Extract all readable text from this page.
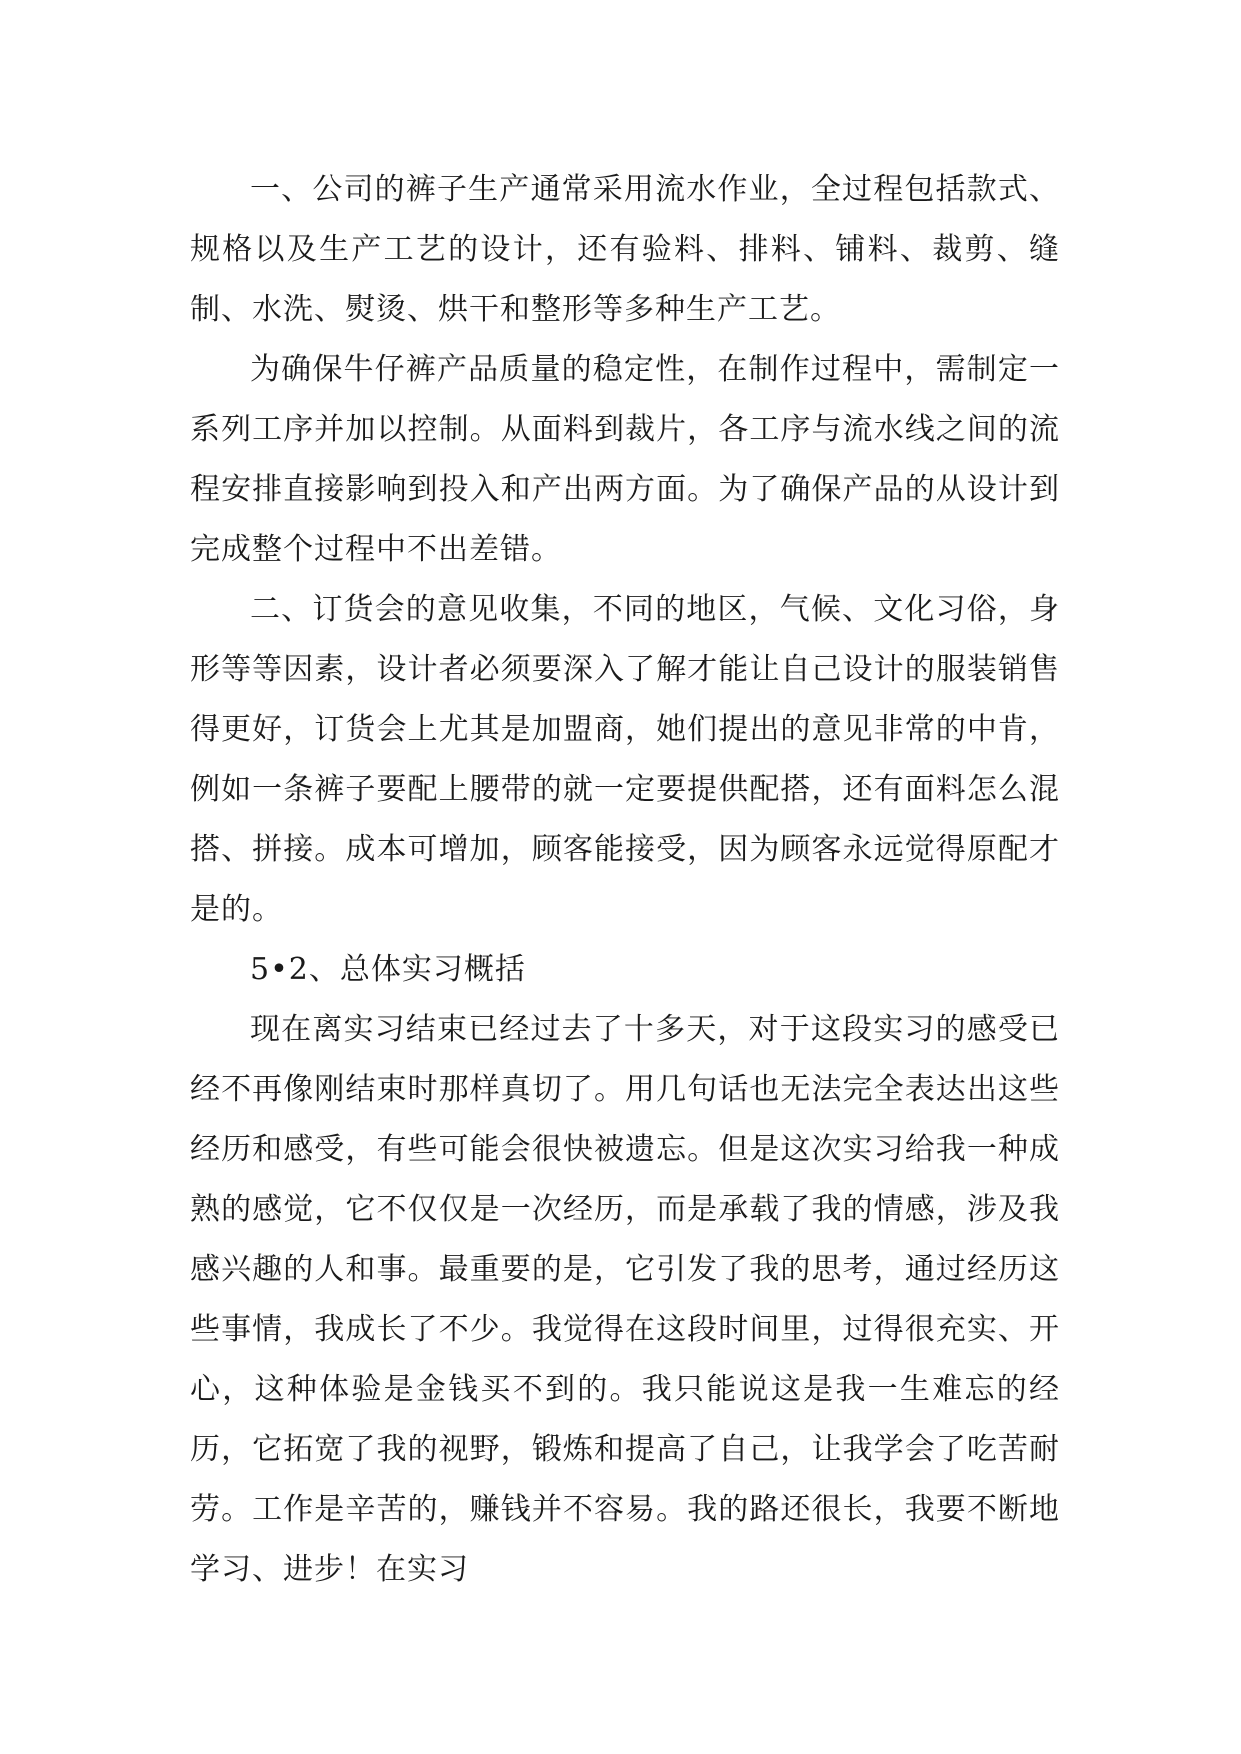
一、公司的裤子生产通常采用流水作业，全过程包括款式、规格以及生产工艺的设计，还有验料、排料、铺料、裁剪、缝制、水洗、熨烫、烘干和整形等多种生产工艺。

为确保牛仔裤产品质量的稳定性，在制作过程中，需制定一系列工序并加以控制。从面料到裁片，各工序与流水线之间的流程安排直接影响到投入和产出两方面。为了确保产品的从设计到完成整个过程中不出差错。

二、订货会的意见收集，不同的地区，气候、文化习俗，身形等等因素，设计者必须要深入了解才能让自己设计的服装销售得更好，订货会上尤其是加盟商，她们提出的意见非常的中肯，例如一条裤子要配上腰带的就一定要提供配搭，还有面料怎么混搭、拼接。成本可增加，顾客能接受，因为顾客永远觉得原配才是的。

5•2、总体实习概括

现在离实习结束已经过去了十多天，对于这段实习的感受已经不再像刚结束时那样真切了。用几句话也无法完全表达出这些经历和感受，有些可能会很快被遗忘。但是这次实习给我一种成熟的感觉，它不仅仅是一次经历，而是承载了我的情感，涉及我感兴趣的人和事。最重要的是，它引发了我的思考，通过经历这些事情，我成长了不少。我觉得在这段时间里，过得很充实、开心，这种体验是金钱买不到的。我只能说这是我一生难忘的经历，它拓宽了我的视野，锻炼和提高了自己，让我学会了吃苦耐劳。工作是辛苦的，赚钱并不容易。我的路还很长，我要不断地学习、进步！在实习
